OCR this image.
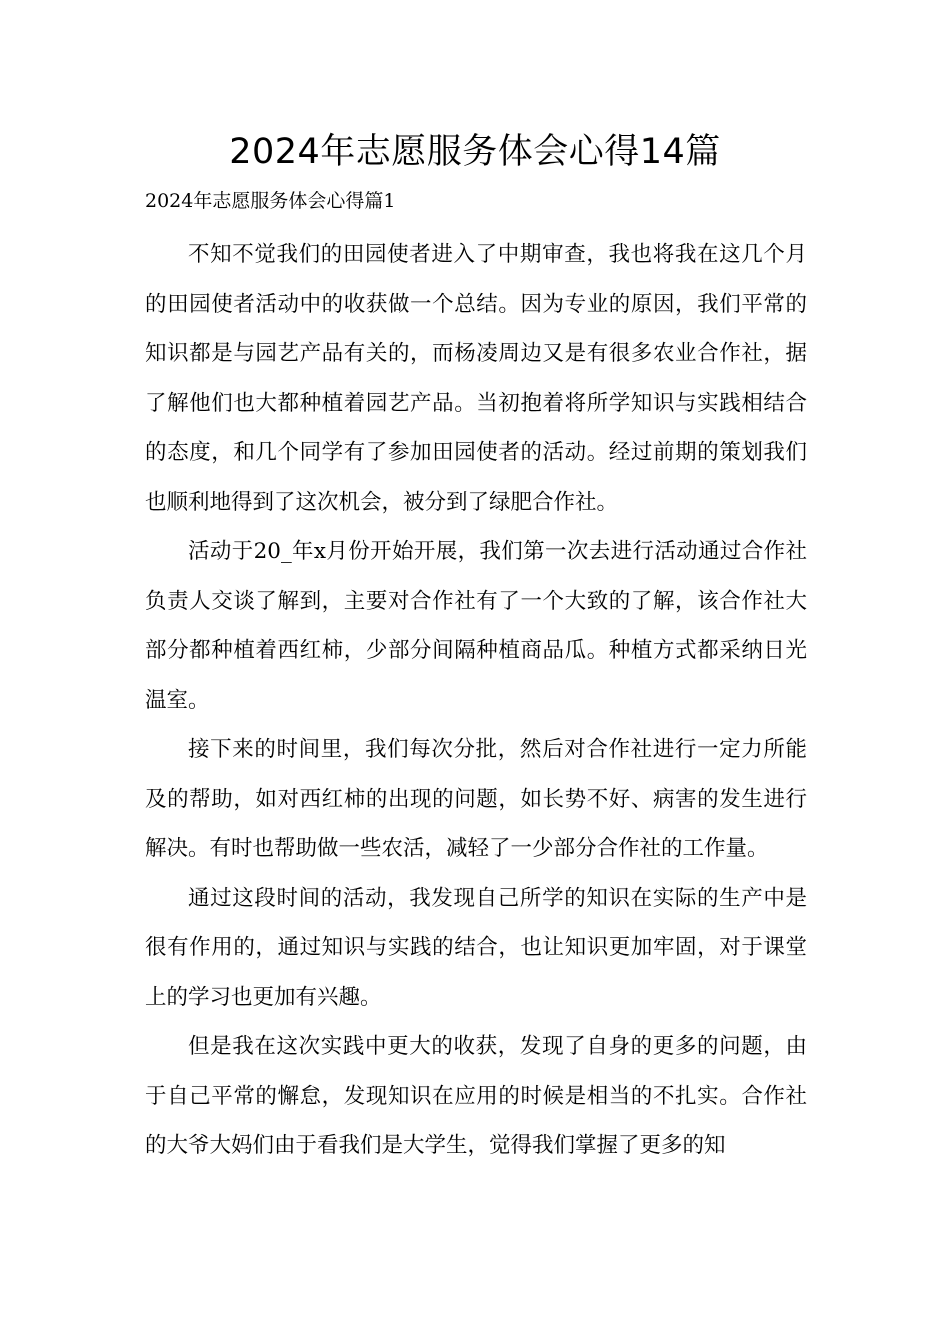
2024年志愿服务体会心得14篇

2024年志愿服务体会心得篇1

不知不觉我们的田园使者进入了中期审查，我也将我在这几个月的田园使者活动中的收获做一个总结。因为专业的原因，我们平常的知识都是与园艺产品有关的，而杨凌周边又是有很多农业合作社，据了解他们也大都种植着园艺产品。当初抱着将所学知识与实践相结合的态度，和几个同学有了参加田园使者的活动。经过前期的策划我们也顺利地得到了这次机会，被分到了绿肥合作社。

活动于20_年x月份开始开展，我们第一次去进行活动通过合作社负责人交谈了解到，主要对合作社有了一个大致的了解，该合作社大部分都种植着西红柿，少部分间隔种植商品瓜。种植方式都采纳日光温室。

接下来的时间里，我们每次分批，然后对合作社进行一定力所能及的帮助，如对西红柿的出现的问题，如长势不好、病害的发生进行解决。有时也帮助做一些农活，减轻了一少部分合作社的工作量。

通过这段时间的活动，我发现自己所学的知识在实际的生产中是很有作用的，通过知识与实践的结合，也让知识更加牢固，对于课堂上的学习也更加有兴趣。

但是我在这次实践中更大的收获，发现了自身的更多的问题，由于自己平常的懈怠，发现知识在应用的时候是相当的不扎实。合作社的大爷大妈们由于看我们是大学生，觉得我们掌握了更多的知
